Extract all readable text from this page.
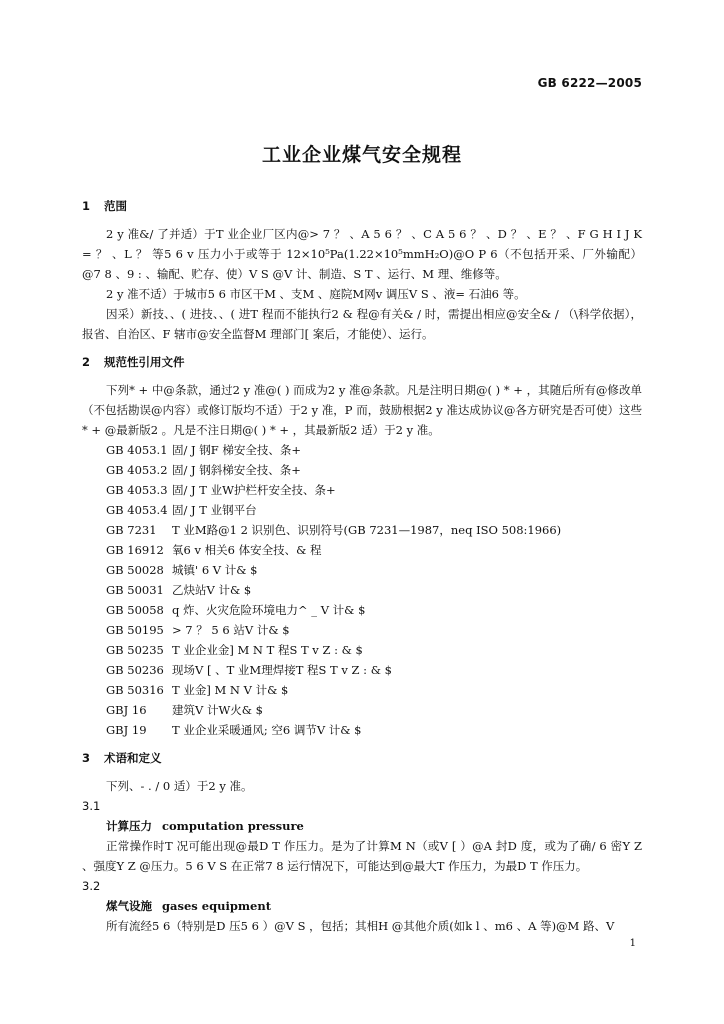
GB 6222—2005
工业企业煤气安全规程
1 范围

2 y 准&/ 了并适）于T 业企业厂区内@> 7 ？ 、A 5 6 ？ 、C A 5 6 ？ 、D ？ 、E ？ 、F G H I J K = ？ 、L ？ 等5 6 v 压力小于或等于 12×10⁵Pa(1.22×10⁵mmH₂O)@O P 6（不包括开采、厂外输配）@7 8 、9 : 、输配、贮存、使）V S @V 计、制造、S T 、运行、M 理、维修等。

2 y 准不适）于城市5 6 市区干M 、支M 、庭院M网v 调压V S 、液= 石油6 等。

因采）新技、、( 进技、、( 进T 程而不能执行2 & 程@有关& / 时，需提出相应@安全& / （\科学依据），报省、自治区、F 辖市@安全监督M 理部门[ 案后，才能使）、运行。

2 规范性引用文件

下列* + 中@条款，通过2 y 准@( ) 而成为2 y 准@条款。凡是注明日期@( ) * + ，其随后所有@修改单（不包括勘误@内容）或修订版均不适）于2 y 准，P 而，鼓励根据2 y 准达成协议@各方研究是否可使）这些* + @最新版2 。凡是不注日期@( ) * + ，其最新版2 适）于2 y 准。

GB 4053.1 固/ J 钢F 梯安全技、条+
GB 4053.2 固/ J 钢斜梯安全技、条+
GB 4053.3 固/ J T 业W护栏杆安全技、条+
GB 4053.4 固/ J T 业钢平台
GB 7231 T 业M路@1 2 识别色、识别符号(GB 7231—1987，neq ISO 508:1966)
GB 16912 氧6 v 相关6 体安全技、& 程
GB 50028 城镇' 6 V 计& $
GB 50031 乙炔站V 计& $
GB 50058 q 炸、火灾危险环境电力^ _ V 计& $
GB 50195 > 7 ？ 5 6 站V 计& $
GB 50235 T 业企业金] M N T 程S T v Z : & $
GB 50236 现场V [ 、T 业M理焊接T 程S T v Z : & $
GB 50316 T 业金] M N V 计& $
GBJ 16 建筑V 计W火& $
GBJ 19 T 业企业采暖通风; 空6 调节V 计& $
3 术语和定义

下列、- . / 0 适）于2 y 准。

3.1

计算压力 computation pressure

正常操作时T 况可能出现@最D T 作压力。是为了计算M N（或V [ ）@A 封D 度，或为了确/ 6 密Y Z 、强度Y Z @压力。5 6 V S 在正常7 8 运行情况下，可能达到@最大T 作压力，为最D T 作压力。

3.2

煤气设施 gases equipment

所有流经5 6（特别是D 压5 6 ）@V S ，包括；其相H @其他介质(如k l 、m6 、A 等)@M 路、V

1
